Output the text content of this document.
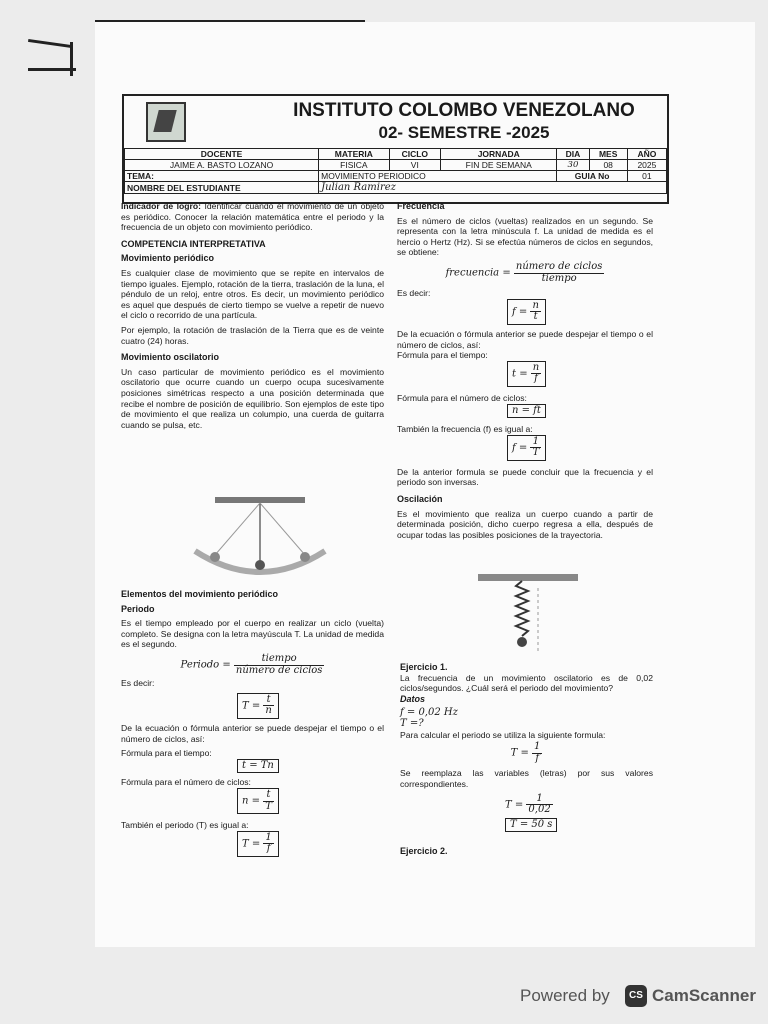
INSTITUTO COLOMBO VENEZOLANO
02- SEMESTRE -2025
DOCENTE	MATERIA	CICLO	JORNADA	DIA	MES	AÑO
JAIME A. BASTO LOZANO	FISICA	VI	FIN DE SEMANA	30	08	2025
TEMA:	MOVIMIENTO PERIODICO			GUIA No		01
NOMBRE DEL ESTUDIANTE	Julian Ramirez					

Indicador de logro: Identificar cuando el movimiento de un objeto es periódico. Conocer la relación matemática entre el periodo y la frecuencia de un objeto con movimiento periódico.

COMPETENCIA INTERPRETATIVA

Movimiento periódico

Es cualquier clase de movimiento que se repite en intervalos de tiempo iguales. Ejemplo, rotación de la tierra, traslación de la luna, el péndulo de un reloj, entre otros. Es decir, un movimiento periódico es aquel que después de cierto tiempo se vuelve a repetir de nuevo el ciclo o recorrido de una partícula.

Por ejemplo, la rotación de traslación de la Tierra que es de veinte cuatro (24) horas.

Movimiento oscilatorio

Un caso particular de movimiento periódico es el movimiento oscilatorio que ocurre cuando un cuerpo ocupa sucesivamente posiciones simétricas respecto a una posición determinada que recibe el nombre de posición de equilibrio. Son ejemplos de este tipo de movimiento el que realiza un columpio, una cuerda de guitarra cuando se pulsa, etc.

Elementos del movimiento periódico

Periodo

Es el tiempo empleado por el cuerpo en realizar un ciclo (vuelta) completo. Se designa con la letra mayúscula T. La unidad de medida es el segundo.

Periodo = $\frac{\text{tiempo}}{\text{número de ciclos}}$

Es decir:

$T = \frac{t}{n}$

De la ecuación o fórmula anterior se puede despejar el tiempo o el número de ciclos, así:

Fórmula para el tiempo:

t = Tn

Fórmula para el número de ciclos:

$n = \frac{t}{T}$

También el periodo (T) es igual a:

$T = \frac{1}{f}$

Frecuencia

Es el número de ciclos (vueltas) realizados en un segundo. Se representa con la letra minúscula f. La unidad de medida es el hercio o Hertz (Hz). Si se efectúa números de ciclos en segundos, se obtiene:

frecuencia = $\frac{\text{número de ciclos}}{\text{tiempo}}$

Es decir:

$f = \frac{n}{t}$

De la ecuación o fórmula anterior se puede despejar el tiempo o el número de ciclos, así:

Fórmula para el tiempo:

$t = \frac{n}{f}$

Fórmula para el número de ciclos:

n = ft

También la frecuencia (f) es igual a:

$f = \frac{1}{T}$

De la anterior formula se puede concluir que la frecuencia y el periodo son inversas.

Oscilación

Es el movimiento que realiza un cuerpo cuando a partir de determinada posición, dicho cuerpo regresa a ella, después de ocupar todas las posibles posiciones de la trayectoria.

Ejercicio 1.

La frecuencia de un movimiento oscilatorio es de 0,02 ciclos/segundos. ¿Cuál será el periodo del movimiento?

Datos

f = 0,02 Hz

T =?

Para calcular el periodo se utiliza la siguiente formula:

$T = \frac{1}{f}$

Se reemplaza las variables (letras) por sus valores correspondientes.

$T = \frac{1}{0,02}$
T = 50 s

Ejercicio 2.

Powered by	CS CamScanner
